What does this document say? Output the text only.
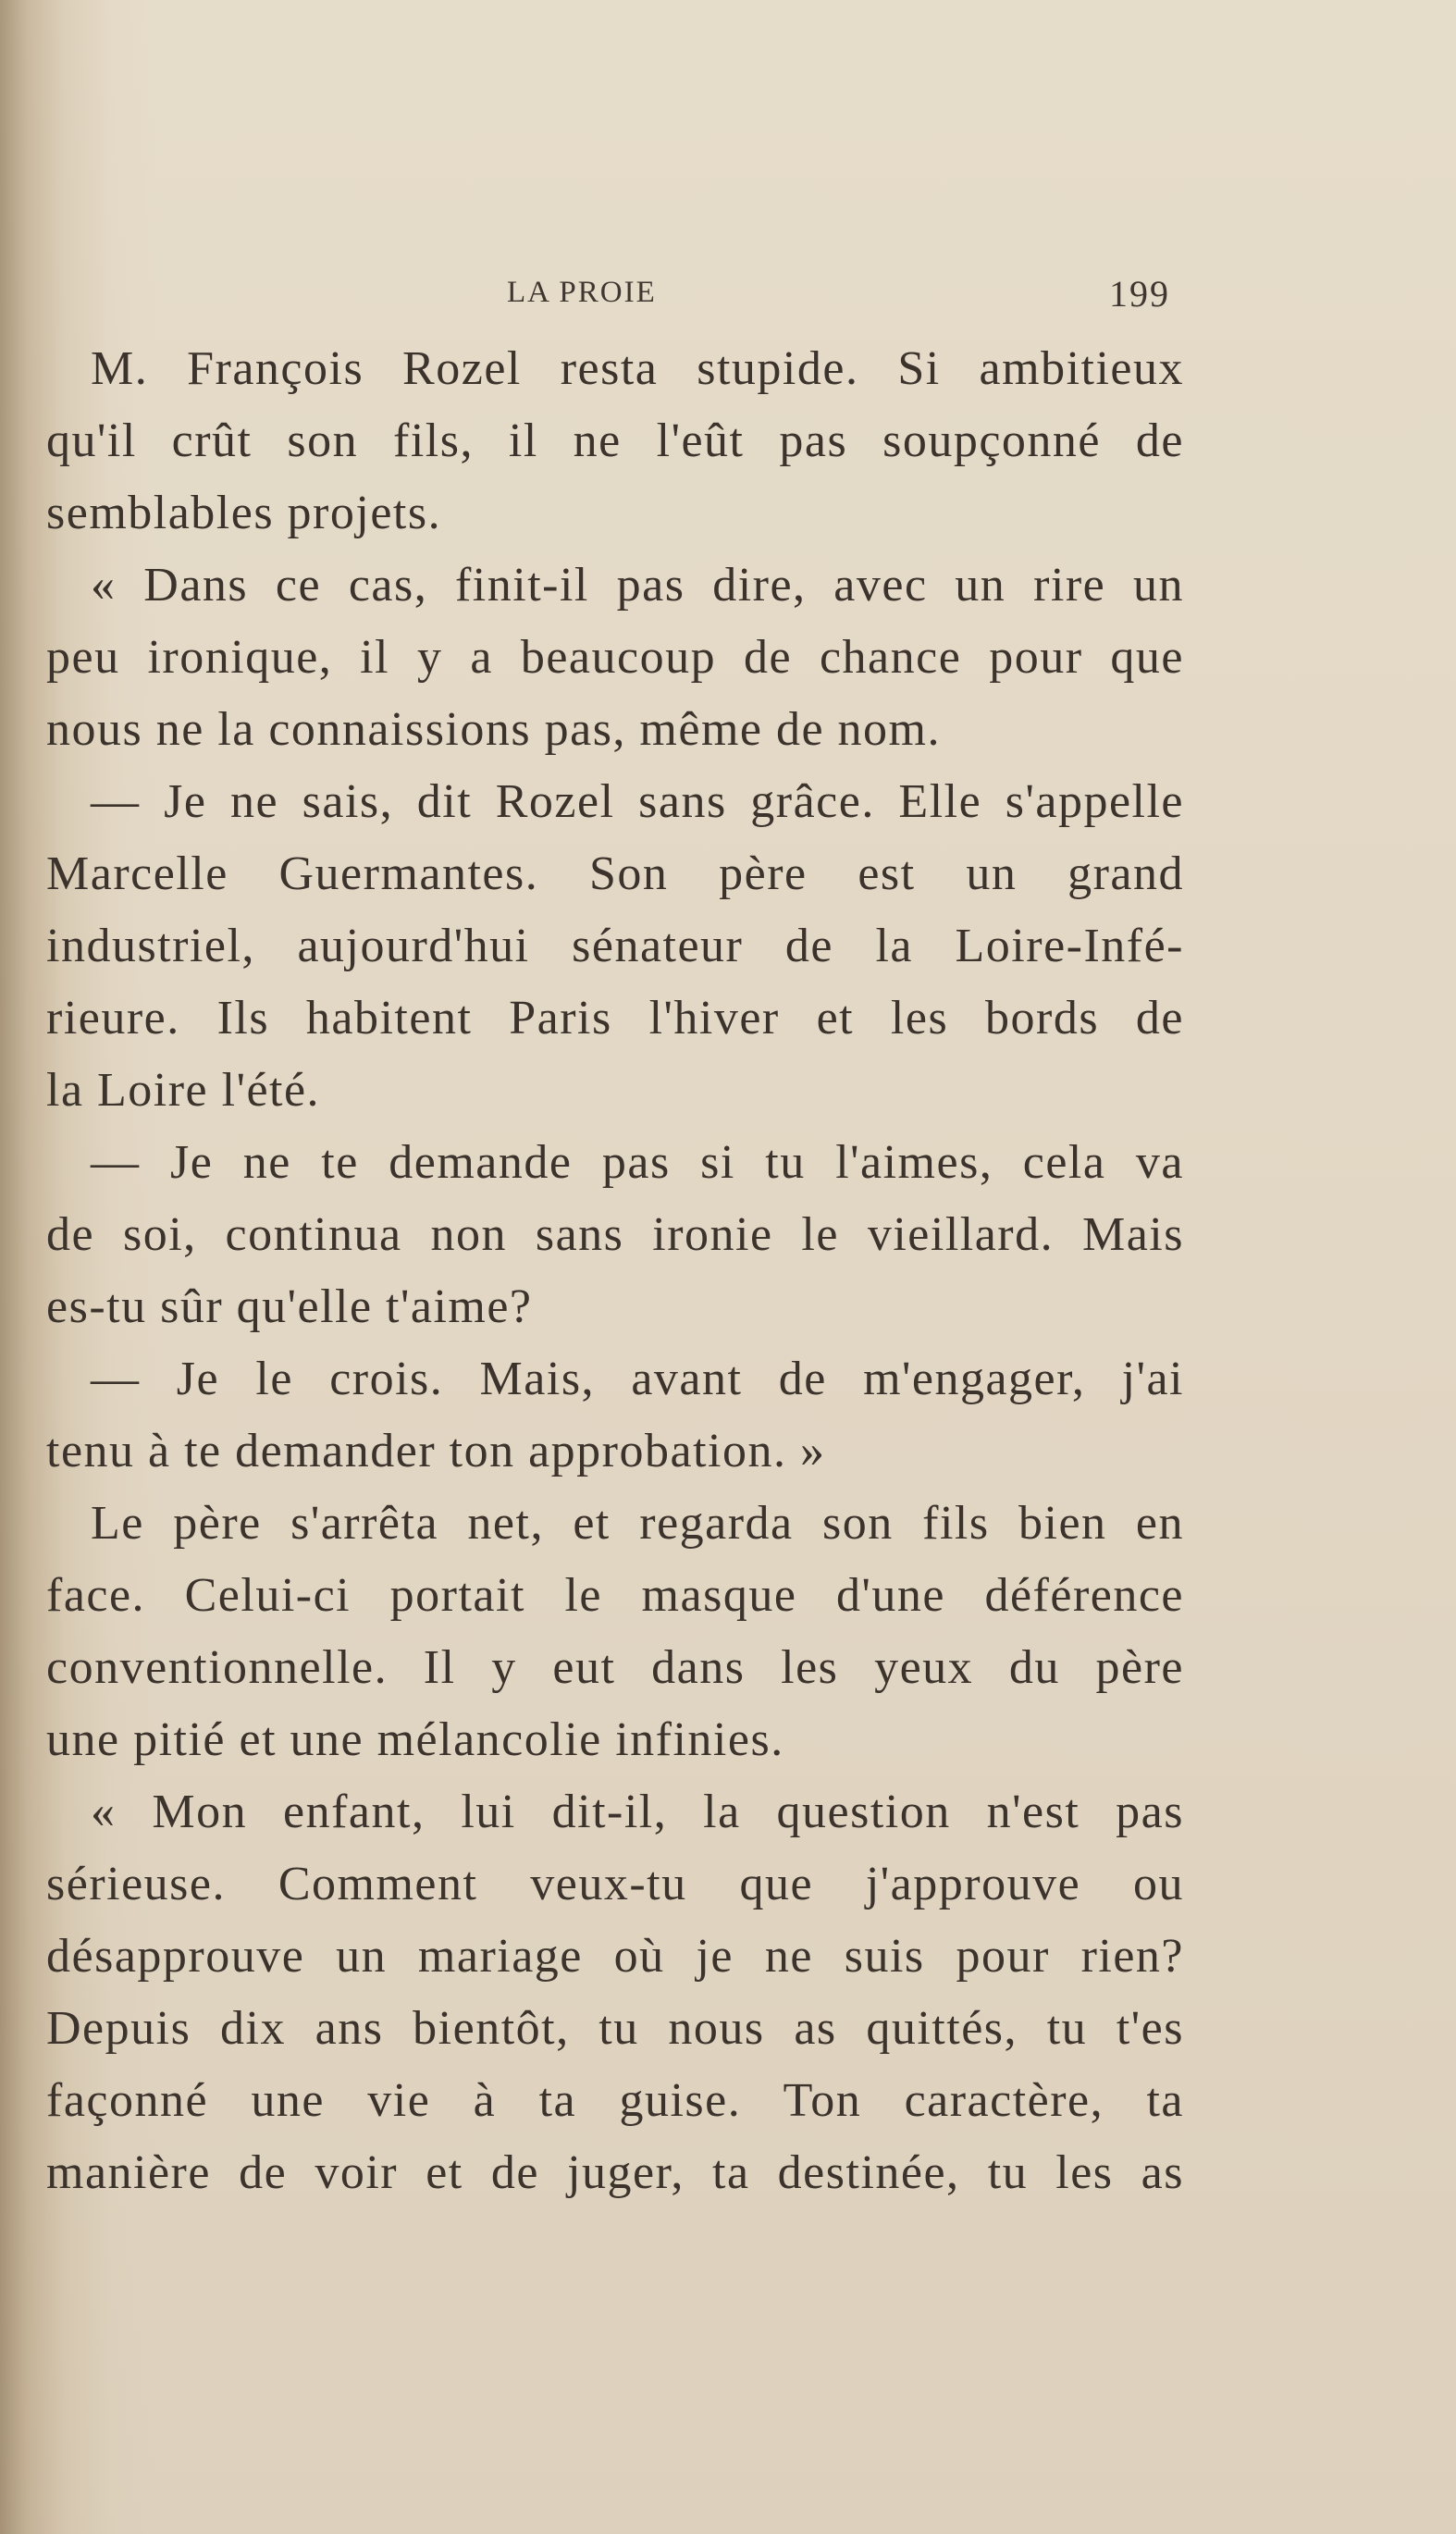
LA PROIE	199
M. François Rozel resta stupide. Si ambitieux
qu'il crût son fils, il ne l'eût pas soupçonné de
semblables projets.
« Dans ce cas, finit-il pas dire, avec un rire un
peu ironique, il y a beaucoup de chance pour que
nous ne la connaissions pas, même de nom.
— Je ne sais, dit Rozel sans grâce. Elle s'appelle
Marcelle Guermantes. Son père est un grand
industriel, aujourd'hui sénateur de la Loire-Infé-
rieure. Ils habitent Paris l'hiver et les bords de
la Loire l'été.
— Je ne te demande pas si tu l'aimes, cela va
de soi, continua non sans ironie le vieillard. Mais
es-tu sûr qu'elle t'aime?
— Je le crois. Mais, avant de m'engager, j'ai
tenu à te demander ton approbation. »
Le père s'arrêta net, et regarda son fils bien en
face. Celui-ci portait le masque d'une déférence
conventionnelle. Il y eut dans les yeux du père
une pitié et une mélancolie infinies.
« Mon enfant, lui dit-il, la question n'est pas
sérieuse. Comment veux-tu que j'approuve ou
désapprouve un mariage où je ne suis pour rien?
Depuis dix ans bientôt, tu nous as quittés, tu t'es
façonné une vie à ta guise. Ton caractère, ta
manière de voir et de juger, ta destinée, tu les as
